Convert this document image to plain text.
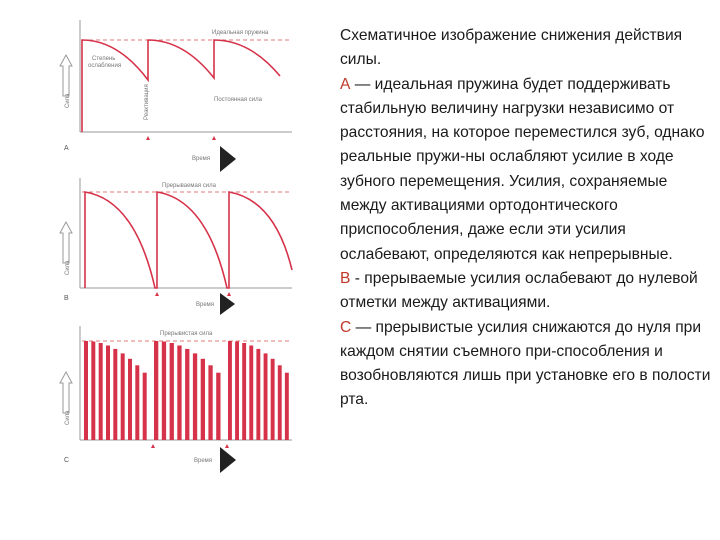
Сила
Идеальная пружина
Степень
ослабления
Реактивация	Постоянная сила
Время
A
Сила
Прерываемая сила
Время
B
Сила
Прерывистая сила
Время
C

Схематичное изображение снижения действия силы.

А — идеальная пружина будет поддерживать стабильную величину нагрузки независимо от расстояния, на которое переместился зуб, однако реальные пружи-ны ослабляют усилие в ходе зубного перемещения. Усилия, сохраняемые между активациями ортодонтического приспособления, даже если эти усилия ослабевают, определяются как непрерывные.

В - прерываемые усилия ослабевают до нулевой отметки между активациями.

С — прерывистые усилия снижаются до нуля при каждом снятии съемного при-способления и возобновляются лишь при установке его в полости рта.
